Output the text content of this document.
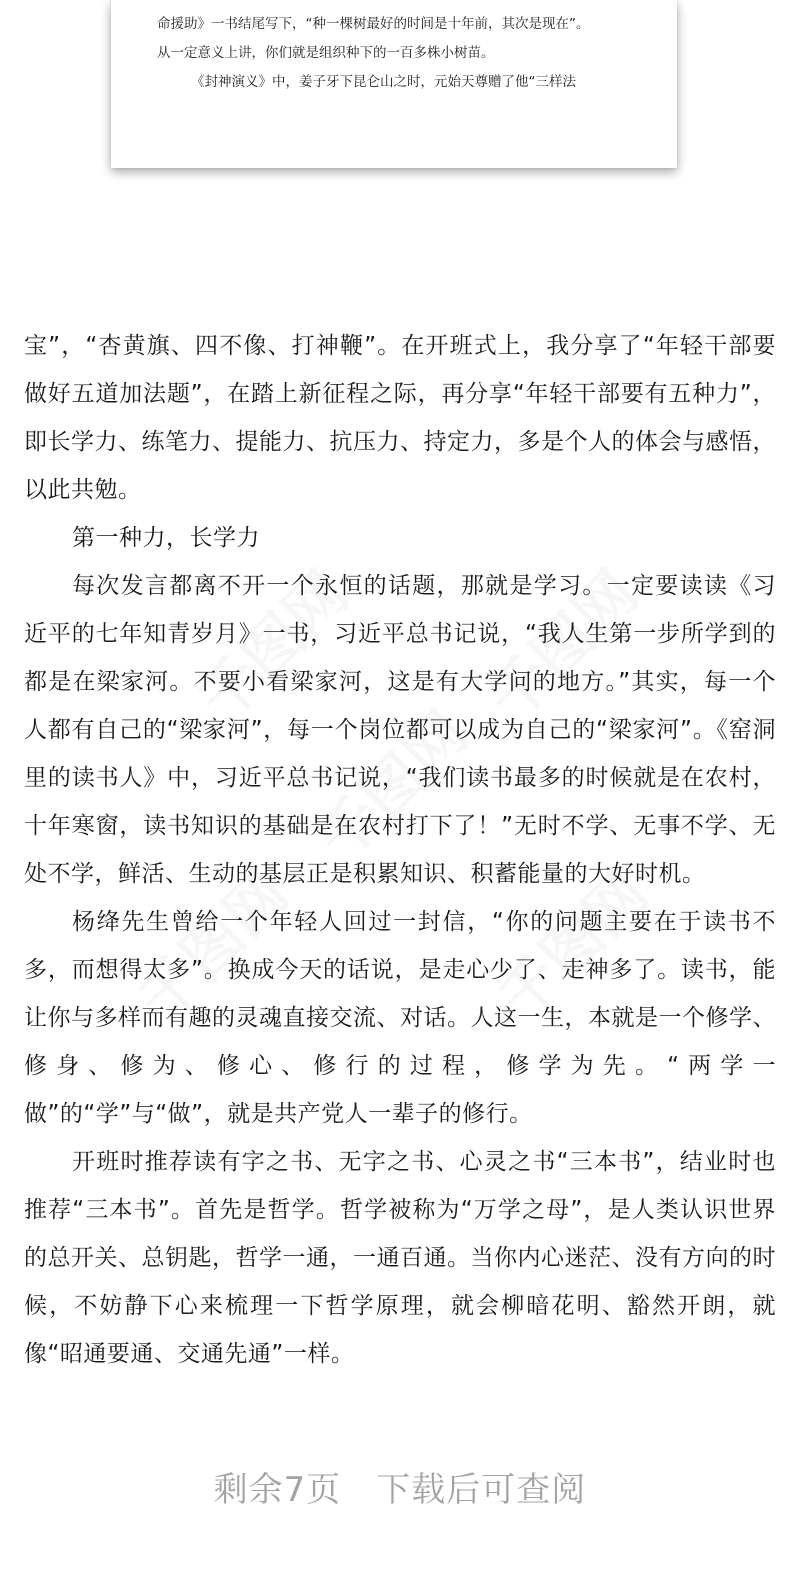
命援助》一书结尾写下，“种一棵树最好的时间是十年前，其次是现在”。
从一定意义上讲，你们就是组织种下的一百多株小树苗。
《封神演义》中，姜子牙下昆仑山之时，元始天尊赠了他“三样法

宝”，“杏黄旗、四不像、打神鞭”。在开班式上，我分享了“年轻干部要做好五道加法题”，在踏上新征程之际，再分享“年轻干部要有五种力”，即长学力、练笔力、提能力、抗压力、持定力，多是个人的体会与感悟，以此共勉。

第一种力，长学力

每次发言都离不开一个永恒的话题，那就是学习。一定要读读《习近平的七年知青岁月》一书，习近平总书记说，“我人生第一步所学到的都是在梁家河。不要小看梁家河，这是有大学问的地方。”其实，每一个人都有自己的“梁家河”，每一个岗位都可以成为自己的“梁家河”。《窑洞里的读书人》中，习近平总书记说，“我们读书最多的时候就是在农村，十年寒窗，读书知识的基础是在农村打下了！”无时不学、无事不学、无处不学，鲜活、生动的基层正是积累知识、积蓄能量的大好时机。

杨绛先生曾给一个年轻人回过一封信，“你的问题主要在于读书不多，而想得太多”。换成今天的话说，是走心少了、走神多了。读书，能让你与多样而有趣的灵魂直接交流、对话。人这一生，本就是一个修学、修身、修为、修心、修行的过程，修学为先。“两学一做”的“学”与“做”，就是共产党人一辈子的修行。

开班时推荐读有字之书、无字之书、心灵之书“三本书”，结业时也推荐“三本书”。首先是哲学。哲学被称为“万学之母”，是人类认识世界的总开关、总钥匙，哲学一通，一通百通。当你内心迷茫、没有方向的时候，不妨静下心来梳理一下哲学原理，就会柳暗花明、豁然开朗，就像“昭通要通、交通先通”一样。

剩余7页　下载后可查阅
